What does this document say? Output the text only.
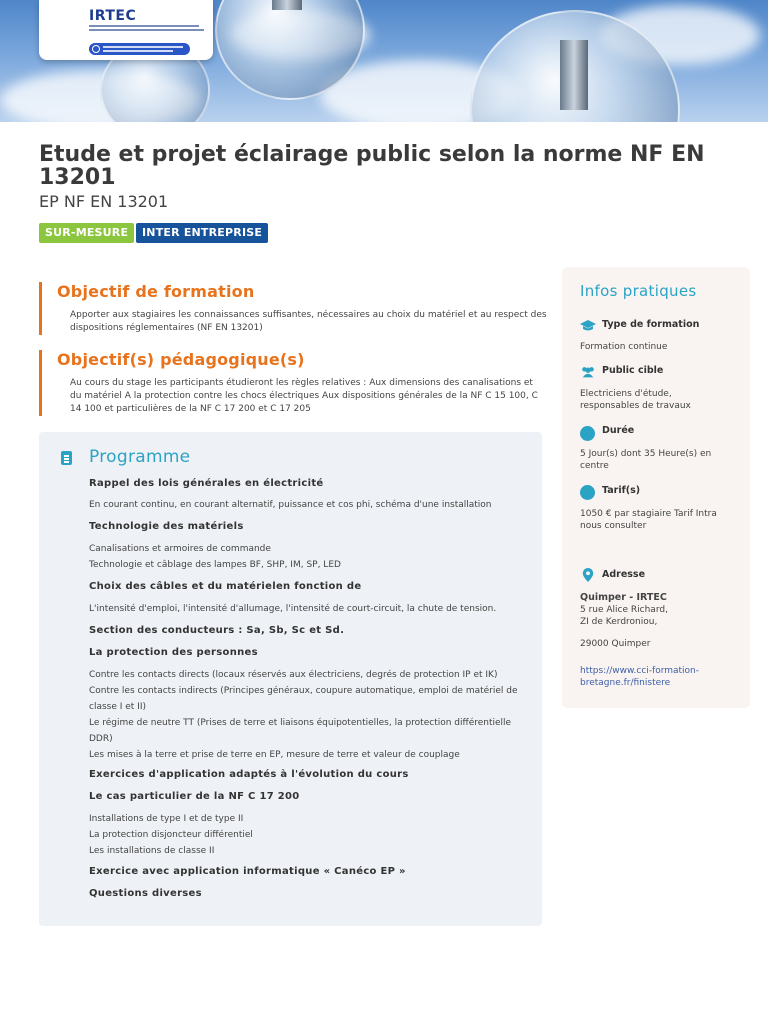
IRTEC
Etude et projet éclairage public selon la norme NF EN 13201
EP NF EN 13201
SUR-MESURE	INTER ENTREPRISE
Objectif de formation

Apporter aux stagiaires les connaissances suffisantes, nécessaires au choix du matériel et au respect des dispositions réglementaires (NF EN 13201)

Objectif(s) pédagogique(s)

Au cours du stage les participants étudieront les règles relatives : Aux dimensions des canalisations et du matériel A la protection contre les chocs électriques Aux dispositions générales de la NF C 15 100, C 14 100 et particulières de la NF C 17 200 et C 17 205

Programme
Rappel des lois générales en électricité
En courant continu, en courant alternatif, puissance et cos phi, schéma d'une installation
Technologie des matériels
Canalisations et armoires de commande
Technologie et câblage des lampes BF, SHP, IM, SP, LED
Choix des câbles et du matérielen fonction de
L'intensité d'emploi, l'intensité d'allumage, l'intensité de court-circuit, la chute de tension.
Section des conducteurs : Sa, Sb, Sc et Sd.
La protection des personnes
Contre les contacts directs (locaux réservés aux électriciens, degrés de protection IP et IK)
Contre les contacts indirects (Principes généraux, coupure automatique, emploi de matériel de classe I et II)
Le régime de neutre TT (Prises de terre et liaisons équipotentielles, la protection différentielle DDR)
Les mises à la terre et prise de terre en EP, mesure de terre et valeur de couplage
Exercices d'application adaptés à l'évolution du cours
Le cas particulier de la NF C 17 200
Installations de type I et de type II
La protection disjoncteur différentiel
Les installations de classe II
Exercice avec application informatique « Canéco EP »
Questions diverses
Infos pratiques
Type de formation
Formation continue
Public cible
Electriciens d'étude,
responsables de travaux
Durée
5 Jour(s) dont 35 Heure(s) en
centre
Tarif(s)
1050 € par stagiaire Tarif Intra
nous consulter
Adresse
Quimper - IRTEC
5 rue Alice Richard,
ZI de Kerdroniou,
29000 Quimper
https://www.cci-formation-
bretagne.fr/finistere
